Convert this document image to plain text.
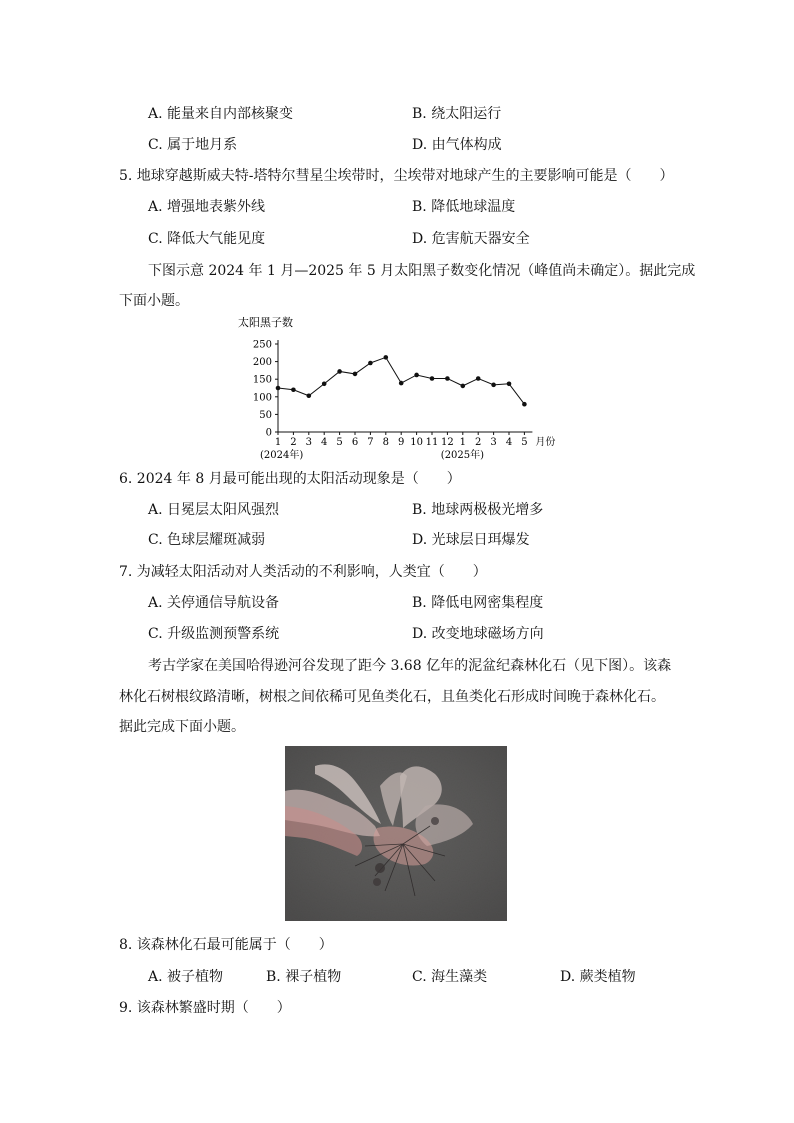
A. 能量来自内部核聚变	B. 绕太阳运行
C. 属于地月系	D. 由气体构成
5. 地球穿越斯威夫特-塔特尔彗星尘埃带时，尘埃带对地球产生的主要影响可能是（　　）
A. 增强地表紫外线	B. 降低地球温度
C. 降低大气能见度	D. 危害航天器安全
下图示意 2024 年 1 月—2025 年 5 月太阳黑子数变化情况（峰值尚未确定）。据此完成
下面小题。
太阳黑子数
0
50
100
150
200
250
1 2 3 4 5 6 7 8 9 10 11 12 1 2 3 4 5 月份
(2024年)	(2025年)
6. 2024 年 8 月最可能出现的太阳活动现象是（　　）
A. 日冕层太阳风强烈	B. 地球两极极光增多
C. 色球层耀斑减弱	D. 光球层日珥爆发
7. 为减轻太阳活动对人类活动的不利影响，人类宜（　　）
A. 关停通信导航设备	B. 降低电网密集程度
C. 升级监测预警系统	D. 改变地球磁场方向
考古学家在美国哈得逊河谷发现了距今 3.68 亿年的泥盆纪森林化石（见下图）。该森
林化石树根纹路清晰，树根之间依稀可见鱼类化石，且鱼类化石形成时间晚于森林化石。
据此完成下面小题。
8. 该森林化石最可能属于（　　）
A. 被子植物	B. 裸子植物	C. 海生藻类	D. 蕨类植物
9. 该森林繁盛时期（　　）
